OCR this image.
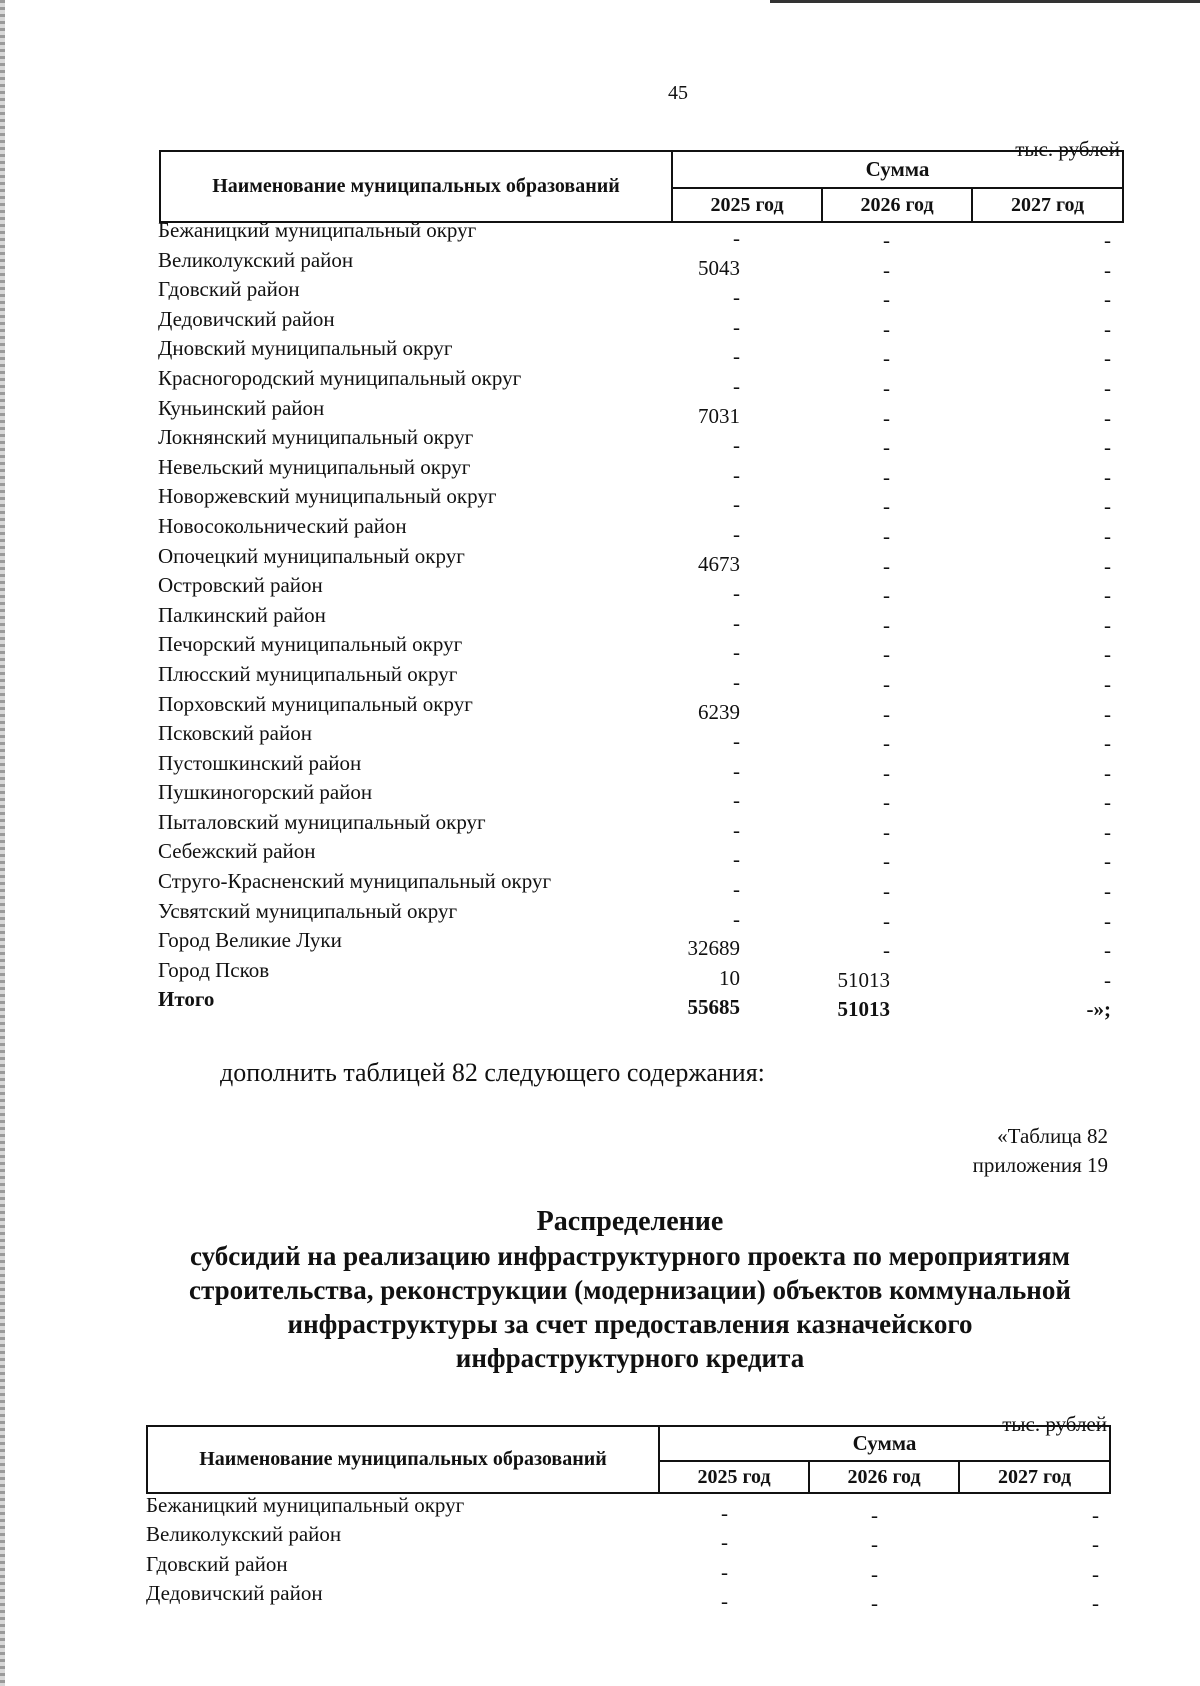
45
тыс. рублей
Наименование муниципальных образований	Сумма		
	2025 год	2026 год	2027 год
Бежаницкий муниципальный округ	-	-	-
Великолукский район	5043	-	-
Гдовский район	-	-	-
Дедовичский район	-	-	-
Дновский муниципальный округ	-	-	-
Красногородский муниципальный округ	-	-	-
Куньинский район	7031	-	-
Локнянский муниципальный округ	-	-	-
Невельский муниципальный округ	-	-	-
Новоржевский муниципальный округ	-	-	-
Новосокольнический район	-	-	-
Опочецкий муниципальный округ	4673	-	-
Островский район	-	-	-
Палкинский район	-	-	-
Печорский муниципальный округ	-	-	-
Плюсский муниципальный округ	-	-	-
Порховский муниципальный округ	6239	-	-
Псковский район	-	-	-
Пустошкинский район	-	-	-
Пушкиногорский район	-	-	-
Пыталовский муниципальный округ	-	-	-
Себежский район	-	-	-
Струго-Красненский муниципальный округ	-	-	-
Усвятский муниципальный округ	-	-	-
Город Великие Луки	32689	-	-
Город Псков	10	51013	-
Итого	55685	51013	-»;
дополнить таблицей 82 следующего содержания:
«Таблица 82
приложения 19
Распределение
субсидий на реализацию инфраструктурного проекта по мероприятиям
строительства, реконструкции (модернизации) объектов коммунальной
инфраструктуры за счет предоставления казначейского
инфраструктурного кредита
тыс. рублей
Наименование муниципальных образований	Сумма		
	2025 год	2026 год	2027 год
Бежаницкий муниципальный округ	-	-	-
Великолукский район	-	-	-
Гдовский район	-	-	-
Дедовичский район	-	-	-
